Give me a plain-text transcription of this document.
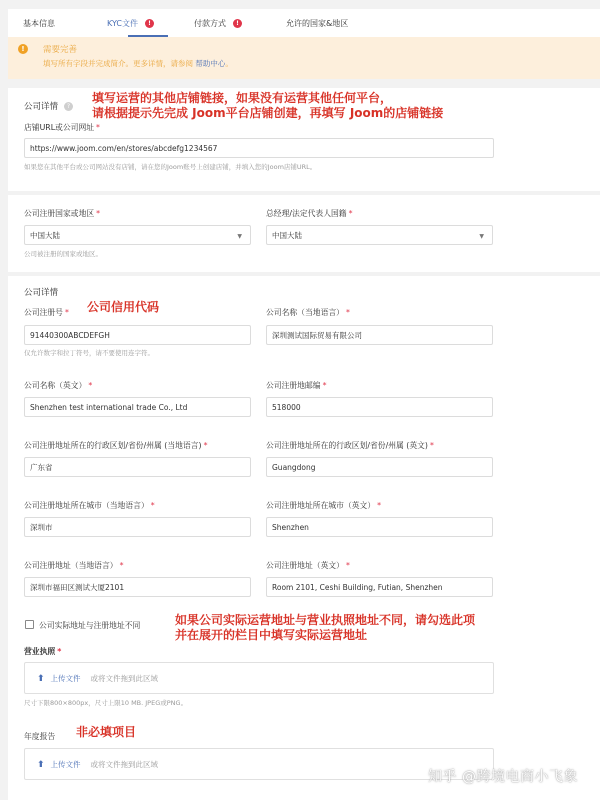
基本信息	KYC文件	!	付款方式	!	允许的国家&地区
!	需要完善
填写所有字段并完成简介。更多详情，请参阅 帮助中心。
公司详情 ?
填写运营的其他店铺链接，如果没有运营其他任何平台，
请根据提示先完成 Joom平台店铺创建，再填写 Joom的店铺链接
店铺URL或公司网址 *
https://www.joom.com/en/stores/abcdefg1234567
如果您在其他平台或公司网站没有店铺，请在您的Joom账号上创建店铺，并填入您的Joom店铺URL。
公司注册国家或地区 *
中国大陆	▼
公司被注册的国家或地区。
总经理/法定代表人国籍 *
中国大陆	▼
公司详情
公司注册号 * 公司信用代码
91440300ABCDEFGH
仅允许数字和拉丁符号，请不要使用连字符。
公司名称（当地语言） *
深圳测试国际贸易有限公司
公司名称（英文） *
Shenzhen test international trade Co., Ltd
公司注册地邮编 *
518000
公司注册地址所在的行政区划/省份/州属 (当地语言) *
广东省
公司注册地址所在的行政区划/省份/州属 (英文) *
Guangdong
公司注册地址所在城市（当地语言） *
深圳市
公司注册地址所在城市（英文） *
Shenzhen
公司注册地址（当地语言） *
深圳市福田区测试大厦2101
公司注册地址（英文） *
Room 2101, Ceshi Building, Futian, Shenzhen
公司实际地址与注册地址不同	如果公司实际运营地址与营业执照地址不同，请勾选此项
并在展开的栏目中填写实际运营地址
营业执照 *
⬆ 上传文件 或将文件拖到此区域
尺寸下限800×800px，尺寸上限10 MB. JPEG或PNG。
年度报告 非必填项目
⬆ 上传文件 或将文件拖到此区域
知乎 @跨境电商小飞象
